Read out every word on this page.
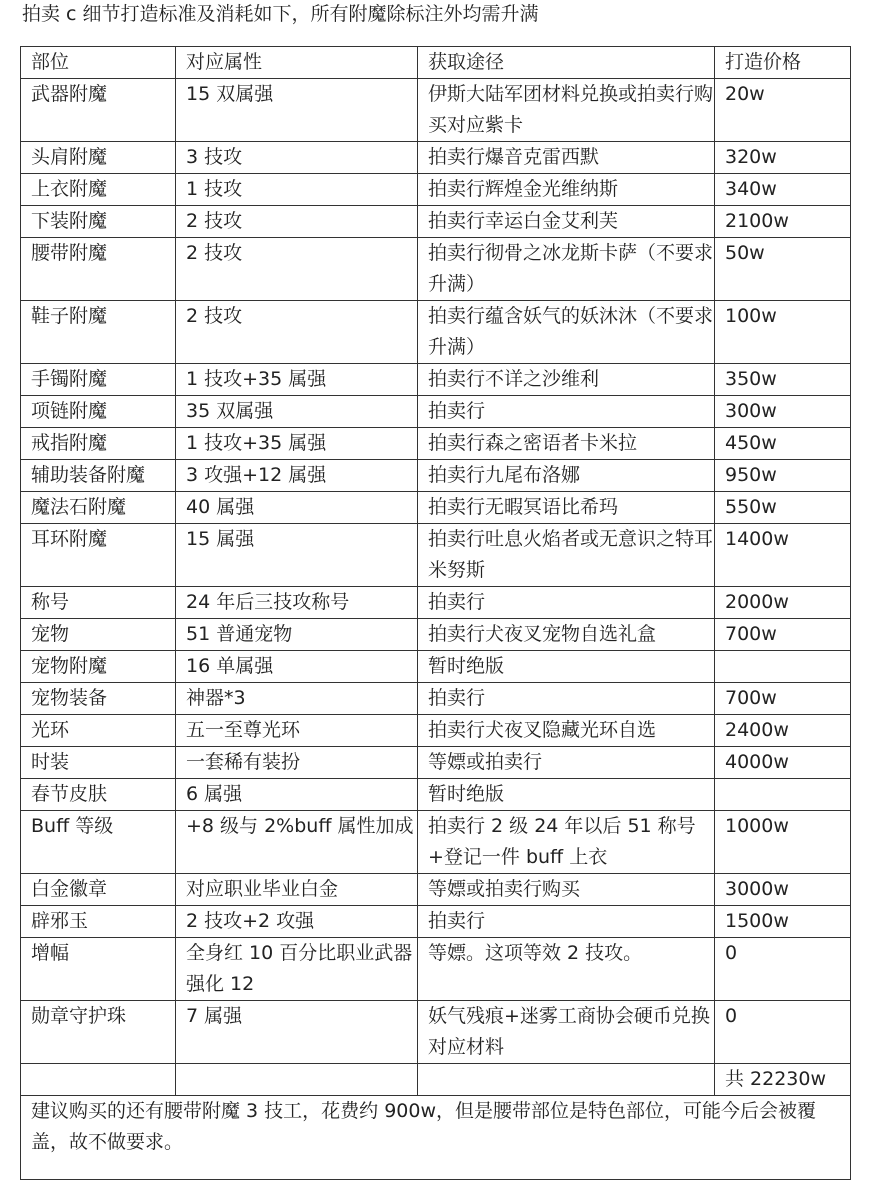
拍卖 c 细节打造标准及消耗如下，所有附魔除标注外均需升满
部位	对应属性	获取途径	打造价格
武器附魔	15 双属强	伊斯大陆军团材料兑换或拍卖行购买对应紫卡	20w
头肩附魔	3 技攻	拍卖行爆音克雷西默	320w
上衣附魔	1 技攻	拍卖行辉煌金光维纳斯	340w
下装附魔	2 技攻	拍卖行幸运白金艾利芙	2100w
腰带附魔	2 技攻	拍卖行彻骨之冰龙斯卡萨（不要求升满）	50w
鞋子附魔	2 技攻	拍卖行蕴含妖气的妖沐沐（不要求升满）	100w
手镯附魔	1 技攻+35 属强	拍卖行不详之沙维利	350w
项链附魔	35 双属强	拍卖行	300w
戒指附魔	1 技攻+35 属强	拍卖行森之密语者卡米拉	450w
辅助装备附魔	3 攻强+12 属强	拍卖行九尾布洛娜	950w
魔法石附魔	40 属强	拍卖行无暇冥语比希玛	550w
耳环附魔	15 属强	拍卖行吐息火焰者或无意识之特耳米努斯	1400w
称号	24 年后三技攻称号	拍卖行	2000w
宠物	51 普通宠物	拍卖行犬夜叉宠物自选礼盒	700w
宠物附魔	16 单属强	暂时绝版	
宠物装备	神器*3	拍卖行	700w
光环	五一至尊光环	拍卖行犬夜叉隐藏光环自选	2400w
时装	一套稀有装扮	等嫖或拍卖行	4000w
春节皮肤	6 属强	暂时绝版	
Buff 等级	+8 级与 2%buff 属性加成	拍卖行 2 级 24 年以后 51 称号+登记一件 buff 上衣	1000w
白金徽章	对应职业毕业白金	等嫖或拍卖行购买	3000w
辟邪玉	2 技攻+2 攻强	拍卖行	1500w
增幅	全身红 10 百分比职业武器强化 12	等嫖。这项等效 2 技攻。	0
勋章守护珠	7 属强	妖气残痕+迷雾工商协会硬币兑换对应材料	0
			共 22230w
建议购买的还有腰带附魔 3 技工，花费约 900w，但是腰带部位是特色部位，可能今后会被覆盖，故不做要求。			
